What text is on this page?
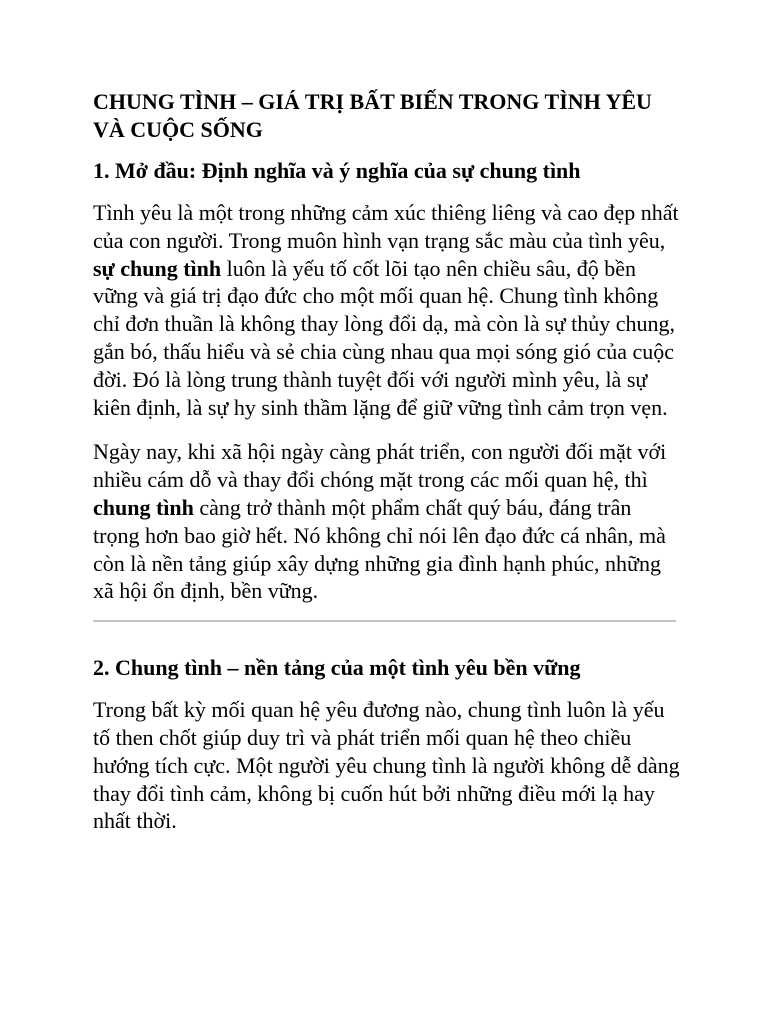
CHUNG TÌNH – GIÁ TRỊ BẤT BIẾN TRONG TÌNH YÊU VÀ CUỘC SỐNG
1. Mở đầu: Định nghĩa và ý nghĩa của sự chung tình

Tình yêu là một trong những cảm xúc thiêng liêng và cao đẹp nhất của con người. Trong muôn hình vạn trạng sắc màu của tình yêu, sự chung tình luôn là yếu tố cốt lõi tạo nên chiều sâu, độ bền vững và giá trị đạo đức cho một mối quan hệ. Chung tình không chỉ đơn thuần là không thay lòng đổi dạ, mà còn là sự thủy chung, gắn bó, thấu hiểu và sẻ chia cùng nhau qua mọi sóng gió của cuộc đời. Đó là lòng trung thành tuyệt đối với người mình yêu, là sự kiên định, là sự hy sinh thầm lặng để giữ vững tình cảm trọn vẹn.

Ngày nay, khi xã hội ngày càng phát triển, con người đối mặt với nhiều cám dỗ và thay đổi chóng mặt trong các mối quan hệ, thì chung tình càng trở thành một phẩm chất quý báu, đáng trân trọng hơn bao giờ hết. Nó không chỉ nói lên đạo đức cá nhân, mà còn là nền tảng giúp xây dựng những gia đình hạnh phúc, những xã hội ổn định, bền vững.

2. Chung tình – nền tảng của một tình yêu bền vững

Trong bất kỳ mối quan hệ yêu đương nào, chung tình luôn là yếu tố then chốt giúp duy trì và phát triển mối quan hệ theo chiều hướng tích cực. Một người yêu chung tình là người không dễ dàng thay đổi tình cảm, không bị cuốn hút bởi những điều mới lạ hay nhất thời.
